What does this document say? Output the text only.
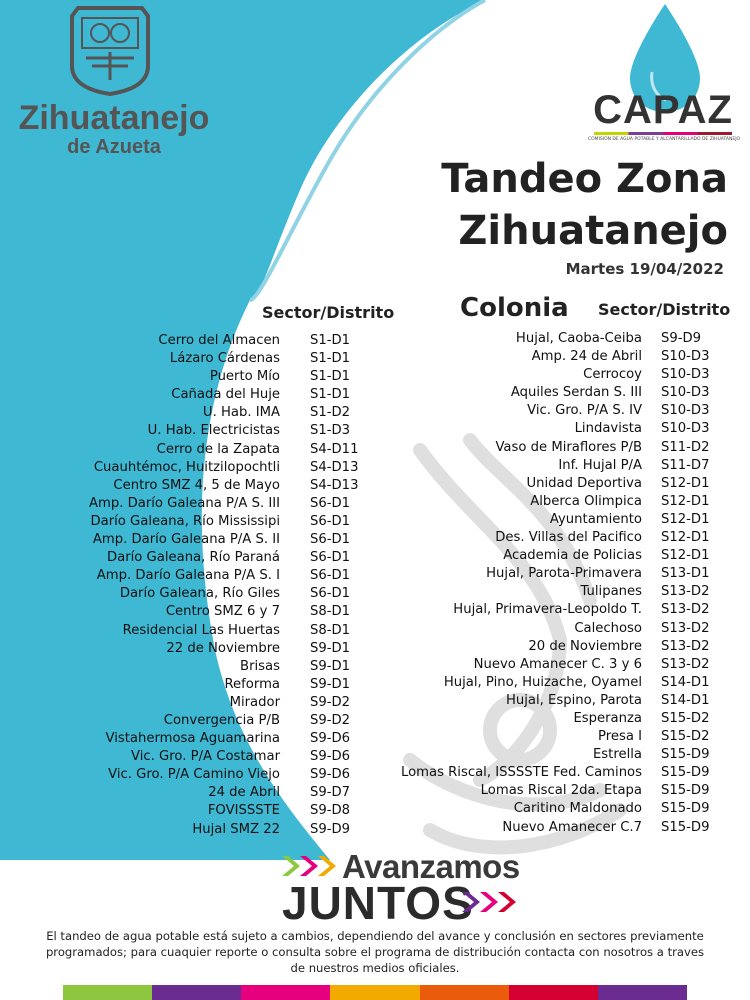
Zihuatanejo
de Azueta
CAPAZ
COMISIÓN DE AGUA POTABLE Y ALCANTARILLADO DE ZIHUATANEJO
Tandeo Zona
Zihuatanejo
Martes 19/04/2022
Sector/Distrito	Colonia Sector/Distrito
Cerro del Almacen S1-D1
Lázaro Cárdenas S1-D1
Puerto Mío S1-D1
Cañada del Huje S1-D1
U. Hab. IMA S1-D2
U. Hab. Electricistas S1-D3
Cerro de la Zapata S4-D11
Cuauhtémoc, Huitzilopochtli S4-D13
Centro SMZ 4, 5 de Mayo S4-D13
Amp. Darío Galeana P/A S. III S6-D1
Darío Galeana, Río Mississipi S6-D1
Amp. Darío Galeana P/A S. II S6-D1
Darío Galeana, Río Paraná S6-D1
Amp. Darío Galeana P/A S. I S6-D1
Darío Galeana, Río Giles S6-D1
Centro SMZ 6 y 7 S8-D1
Residencial Las Huertas S8-D1
22 de Noviembre S9-D1
Brisas S9-D1
Reforma S9-D1
Mirador S9-D2
Convergencia P/B S9-D2
Vistahermosa Aguamarina S9-D6
Vic. Gro. P/A Costamar S9-D6
Vic. Gro. P/A Camino Viejo S9-D6
24 de Abril S9-D7
FOVISSSTE S9-D8
Hujal SMZ 22 S9-D9
Hujal, Caoba-Ceiba S9-D9
Amp. 24 de Abril S10-D3
Cerrocoy S10-D3
Aquiles Serdan S. III S10-D3
Vic. Gro. P/A S. IV S10-D3
Lindavista S10-D3
Vaso de Miraflores P/B S11-D2
Inf. Hujal P/A S11-D7
Unidad Deportiva S12-D1
Alberca Olimpica S12-D1
Ayuntamiento S12-D1
Des. Villas del Pacifico S12-D1
Academia de Policias S12-D1
Hujal, Parota-Primavera S13-D1
Tulipanes S13-D2
Hujal, Primavera-Leopoldo T. S13-D2
Calechoso S13-D2
20 de Noviembre S13-D2
Nuevo Amanecer C. 3 y 6 S13-D2
Hujal, Pino, Huizache, Oyamel S14-D1
Hujal, Espino, Parota S14-D1
Esperanza S15-D2
Presa I S15-D2
Estrella S15-D9
Lomas Riscal, ISSSSTE Fed. Caminos S15-D9
Lomas Riscal 2da. Etapa S15-D9
Caritino Maldonado S15-D9
Nuevo Amanecer C.7 S15-D9
Avanzamos
JUNTOS
El tandeo de agua potable está sujeto a cambios, dependiendo del avance y conclusión en sectores previamente programados; para cuaquier reporte o consulta sobre el programa de distribución contacta con nosotros a traves de nuestros medios oficiales.
